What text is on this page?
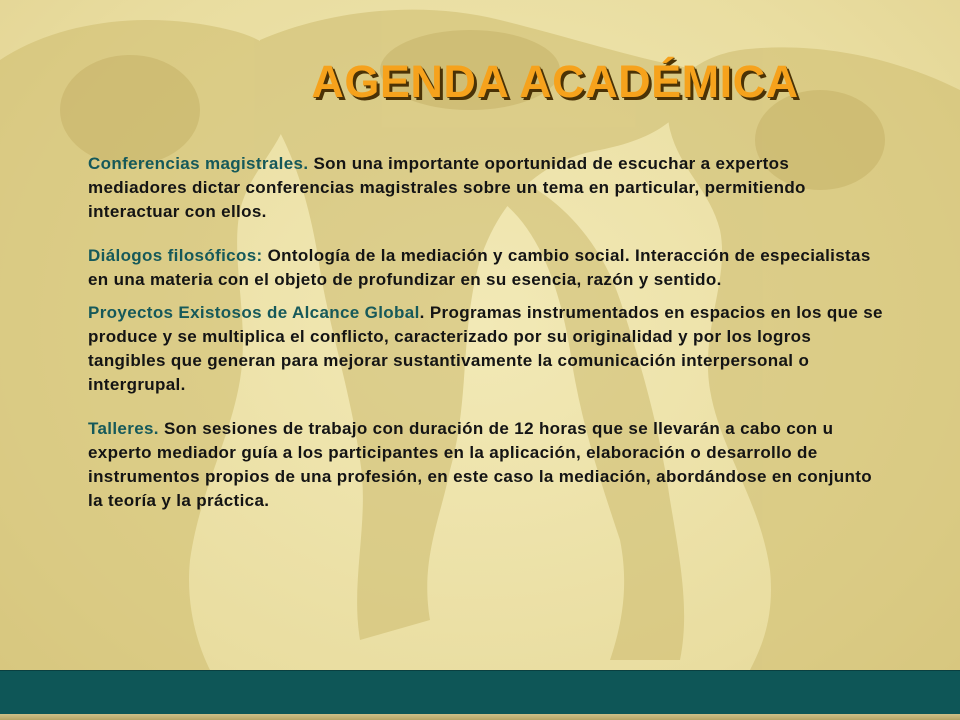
AGENDA ACADÉMICA

Conferencias magistrales. Son una importante oportunidad de escuchar a expertos mediadores dictar conferencias magistrales sobre un tema en particular, permitiendo interactuar con ellos.

Diálogos filosóficos: Ontología de la mediación y cambio social. Interacción de especialistas en una materia con el objeto de profundizar en su esencia, razón y sentido.

Proyectos Existosos de Alcance Global. Programas instrumentados en espacios en los que se produce y se multiplica el conflicto, caracterizado por su originalidad y por los logros tangibles que generan para mejorar sustantivamente la comunicación interpersonal o intergrupal.

Talleres. Son sesiones de trabajo con duración de 12 horas que se llevarán a cabo con u experto mediador guía a los participantes en la aplicación, elaboración o desarrollo de instrumentos propios de una profesión, en este caso la mediación, abordándose en conjunto la teoría y la práctica.
